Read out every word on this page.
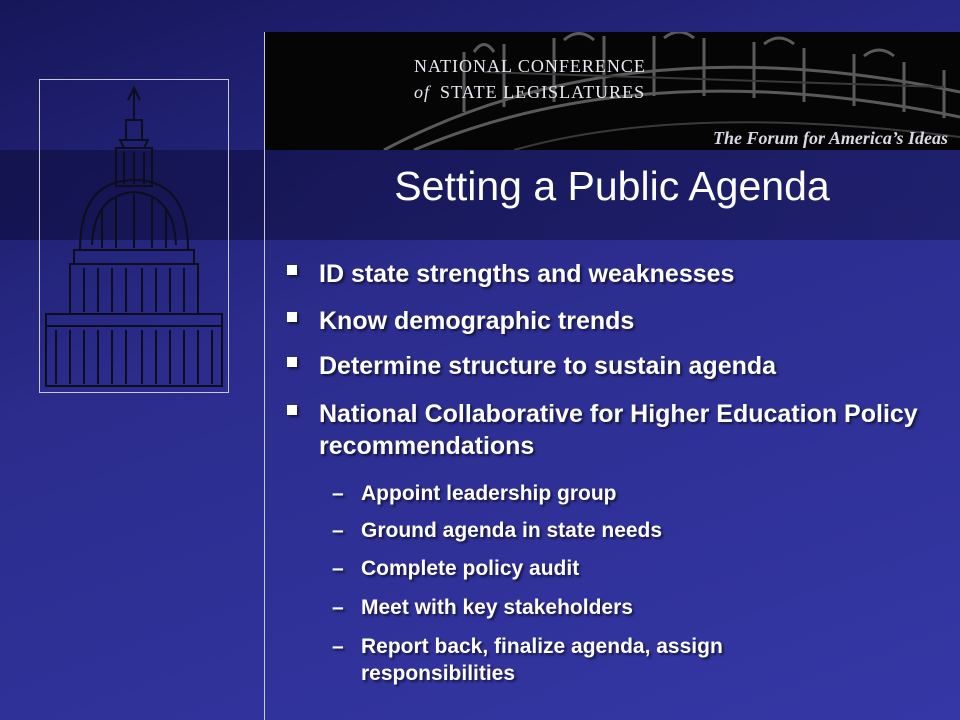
NATIONAL CONFERENCE
of STATE LEGISLATURES
The Forum for America’s Ideas
Setting a Public Agenda
ID state strengths and weaknesses
Know demographic trends
Determine structure to sustain agenda
National Collaborative for Higher Education Policy recommendations
– Appoint leadership group
– Ground agenda in state needs
– Complete policy audit
– Meet with key stakeholders
– Report back, finalize agenda, assign responsibilities
